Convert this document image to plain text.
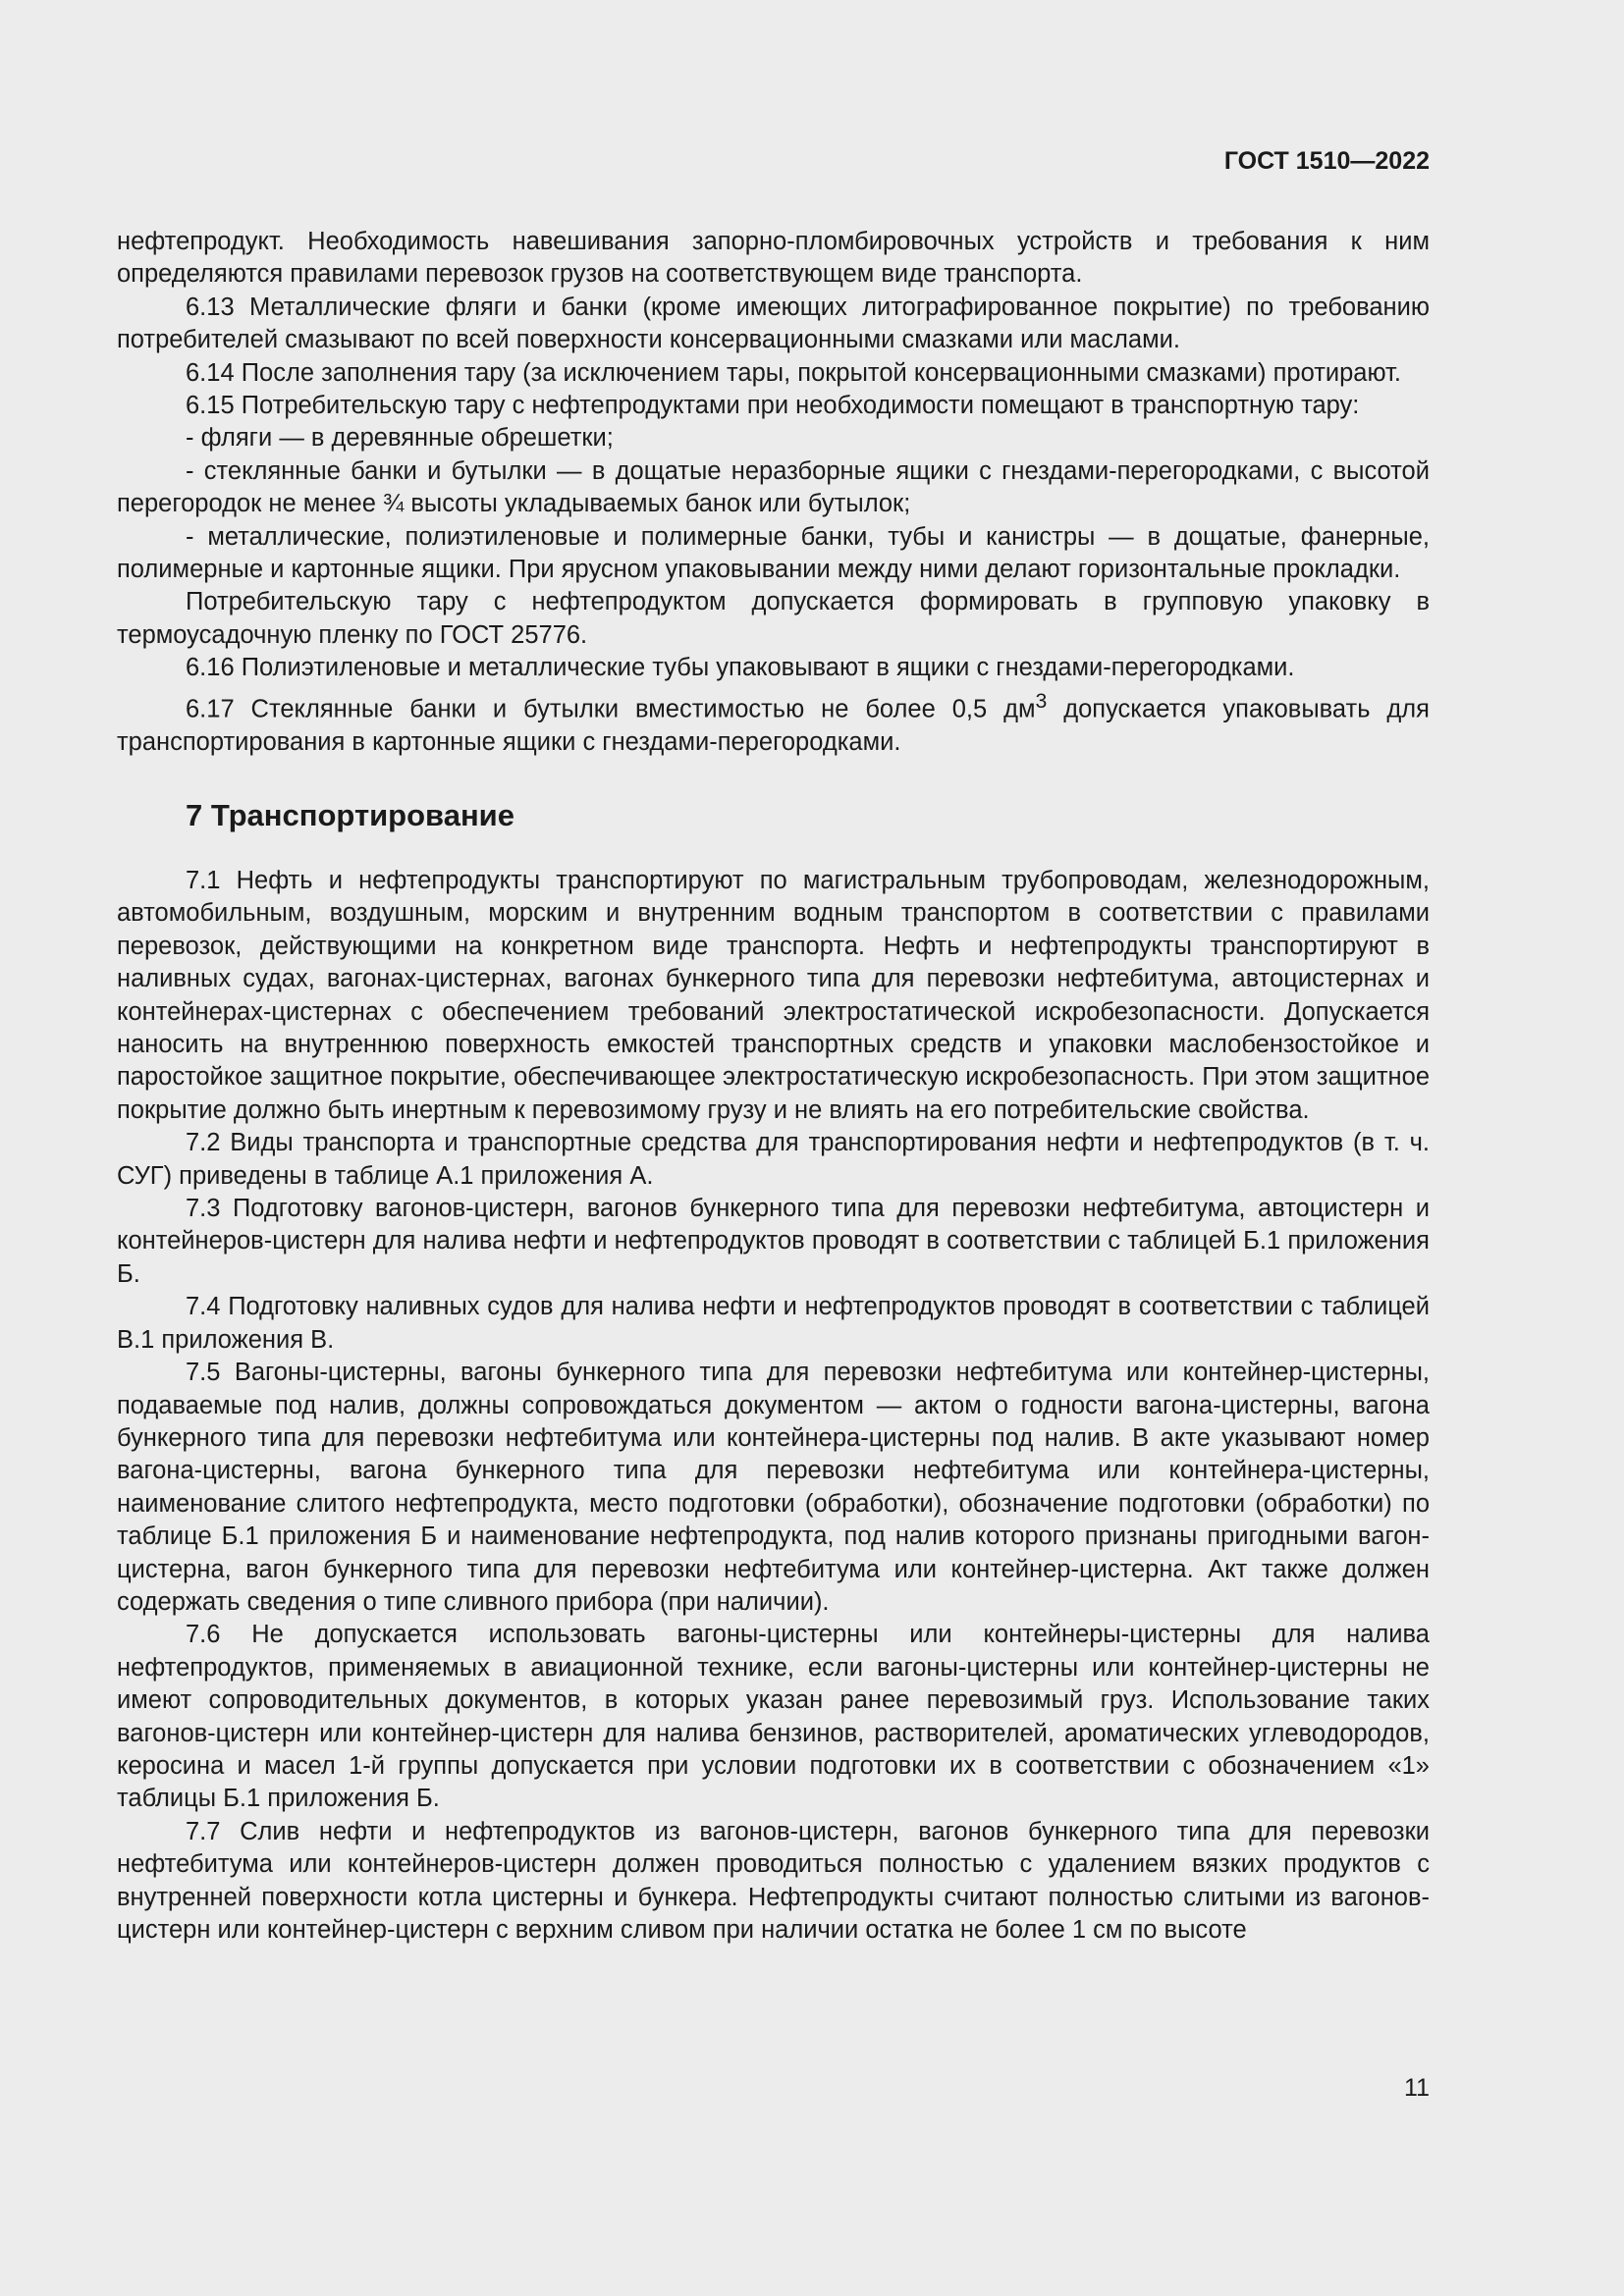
ГОСТ 1510—2022

нефтепродукт. Необходимость навешивания запорно-пломбировочных устройств и требования к ним определяются правилами перевозок грузов на соответствующем виде транспорта.

6.13 Металлические фляги и банки (кроме имеющих литографированное покрытие) по требованию потребителей смазывают по всей поверхности консервационными смазками или маслами.

6.14 После заполнения тару (за исключением тары, покрытой консервационными смазками) протирают.

6.15 Потребительскую тару с нефтепродуктами при необходимости помещают в транспортную тару:

- фляги — в деревянные обрешетки;

- стеклянные банки и бутылки — в дощатые неразборные ящики с гнездами-перегородками, с высотой перегородок не менее ¾ высоты укладываемых банок или бутылок;

- металлические, полиэтиленовые и полимерные банки, тубы и канистры — в дощатые, фанерные, полимерные и картонные ящики. При ярусном упаковывании между ними делают горизонтальные прокладки.

Потребительскую тару с нефтепродуктом допускается формировать в групповую упаковку в термоусадочную пленку по ГОСТ 25776.

6.16 Полиэтиленовые и металлические тубы упаковывают в ящики с гнездами-перегородками.

6.17 Стеклянные банки и бутылки вместимостью не более 0,5 $дм^3$ допускается упаковывать для транспортирования в картонные ящики с гнездами-перегородками.

7 Транспортирование

7.1 Нефть и нефтепродукты транспортируют по магистральным трубопроводам, железнодорожным, автомобильным, воздушным, морским и внутренним водным транспортом в соответствии с правилами перевозок, действующими на конкретном виде транспорта. Нефть и нефтепродукты транспортируют в наливных судах, вагонах-цистернах, вагонах бункерного типа для перевозки нефтебитума, автоцистернах и контейнерах-цистернах с обеспечением требований электростатической искробезопасности. Допускается наносить на внутреннюю поверхность емкостей транспортных средств и упаковки маслобензостойкое и паростойкое защитное покрытие, обеспечивающее электростатическую искробезопасность. При этом защитное покрытие должно быть инертным к перевозимому грузу и не влиять на его потребительские свойства.

7.2 Виды транспорта и транспортные средства для транспортирования нефти и нефтепродуктов (в т. ч. СУГ) приведены в таблице А.1 приложения А.

7.3 Подготовку вагонов-цистерн, вагонов бункерного типа для перевозки нефтебитума, автоцистерн и контейнеров-цистерн для налива нефти и нефтепродуктов проводят в соответствии с таблицей Б.1 приложения Б.

7.4 Подготовку наливных судов для налива нефти и нефтепродуктов проводят в соответствии с таблицей В.1 приложения В.

7.5 Вагоны-цистерны, вагоны бункерного типа для перевозки нефтебитума или контейнер-цистерны, подаваемые под налив, должны сопровождаться документом — актом о годности вагона-цистерны, вагона бункерного типа для перевозки нефтебитума или контейнера-цистерны под налив. В акте указывают номер вагона-цистерны, вагона бункерного типа для перевозки нефтебитума или контейнера-цистерны, наименование слитого нефтепродукта, место подготовки (обработки), обозначение подготовки (обработки) по таблице Б.1 приложения Б и наименование нефтепродукта, под налив которого признаны пригодными вагон-цистерна, вагон бункерного типа для перевозки нефтебитума или контейнер-цистерна. Акт также должен содержать сведения о типе сливного прибора (при наличии).

7.6 Не допускается использовать вагоны-цистерны или контейнеры-цистерны для налива нефтепродуктов, применяемых в авиационной технике, если вагоны-цистерны или контейнер-цистерны не имеют сопроводительных документов, в которых указан ранее перевозимый груз. Использование таких вагонов-цистерн или контейнер-цистерн для налива бензинов, растворителей, ароматических углеводородов, керосина и масел 1-й группы допускается при условии подготовки их в соответствии с обозначением «1» таблицы Б.1 приложения Б.

7.7 Слив нефти и нефтепродуктов из вагонов-цистерн, вагонов бункерного типа для перевозки нефтебитума или контейнеров-цистерн должен проводиться полностью с удалением вязких продуктов с внутренней поверхности котла цистерны и бункера. Нефтепродукты считают полностью слитыми из вагонов-цистерн или контейнер-цистерн с верхним сливом при наличии остатка не более 1 см по высоте

11
